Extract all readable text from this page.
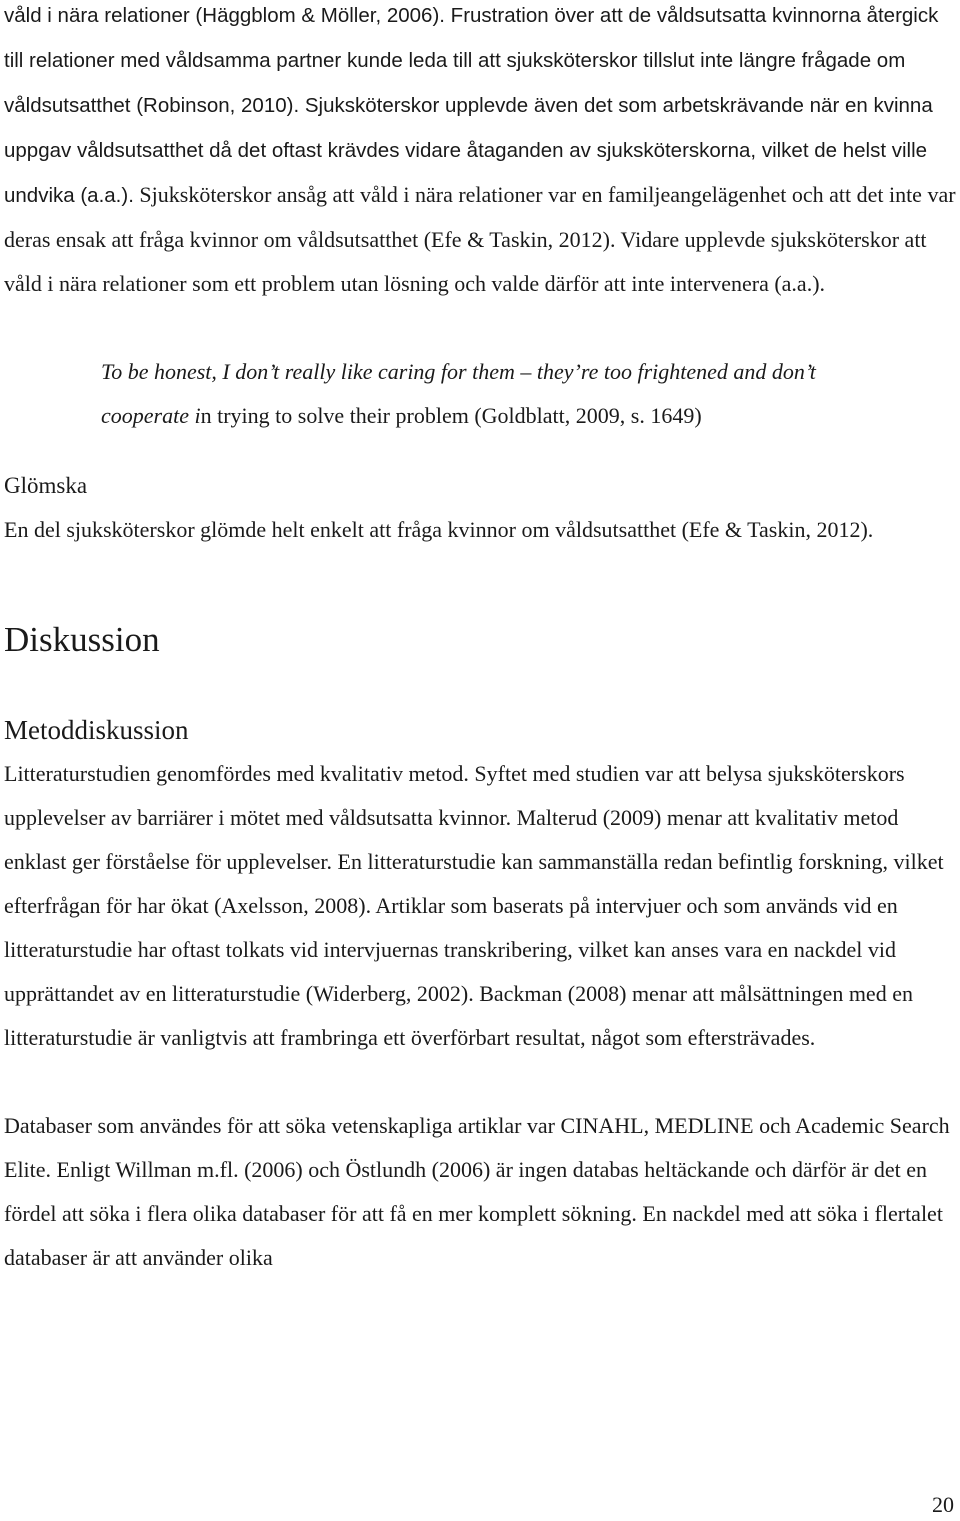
våld i nära relationer (Häggblom & Möller, 2006). Frustration över att de våldsutsatta kvinnorna återgick till relationer med våldsamma partner kunde leda till att sjuksköterskor tillslut inte längre frågade om våldsutsatthet (Robinson, 2010). Sjuksköterskor upplevde även det som arbetskrävande när en kvinna uppgav våldsutsatthet då det oftast krävdes vidare åtaganden av sjuksköterskorna, vilket de helst ville undvika (a.a.). Sjuksköterskor ansåg att våld i nära relationer var en familjeangelägenhet och att det inte var deras ensak att fråga kvinnor om våldsutsatthet (Efe & Taskin, 2012). Vidare upplevde sjuksköterskor att våld i nära relationer som ett problem utan lösning och valde därför att inte intervenera (a.a.).

To be honest, I don’t really like caring for them – they’re too frightened and don’t cooperate in trying to solve their problem (Goldblatt, 2009, s. 1649)

Glömska

En del sjuksköterskor glömde helt enkelt att fråga kvinnor om våldsutsatthet (Efe & Taskin, 2012).

Diskussion
Metoddiskussion

Litteraturstudien genomfördes med kvalitativ metod. Syftet med studien var att belysa sjuksköterskors upplevelser av barriärer i mötet med våldsutsatta kvinnor. Malterud (2009) menar att kvalitativ metod enklast ger förståelse för upplevelser. En litteraturstudie kan sammanställa redan befintlig forskning, vilket efterfrågan för har ökat (Axelsson, 2008). Artiklar som baserats på intervjuer och som används vid en litteraturstudie har oftast tolkats vid intervjuernas transkribering, vilket kan anses vara en nackdel vid upprättandet av en litteraturstudie (Widerberg, 2002). Backman (2008) menar att målsättningen med en litteraturstudie är vanligtvis att frambringa ett överförbart resultat, något som eftersträvades.

Databaser som användes för att söka vetenskapliga artiklar var CINAHL, MEDLINE och Academic Search Elite. Enligt Willman m.fl. (2006) och Östlundh (2006) är ingen databas heltäckande och därför är det en fördel att söka i flera olika databaser för att få en mer komplett sökning. En nackdel med att söka i flertalet databaser är att använder olika

20
